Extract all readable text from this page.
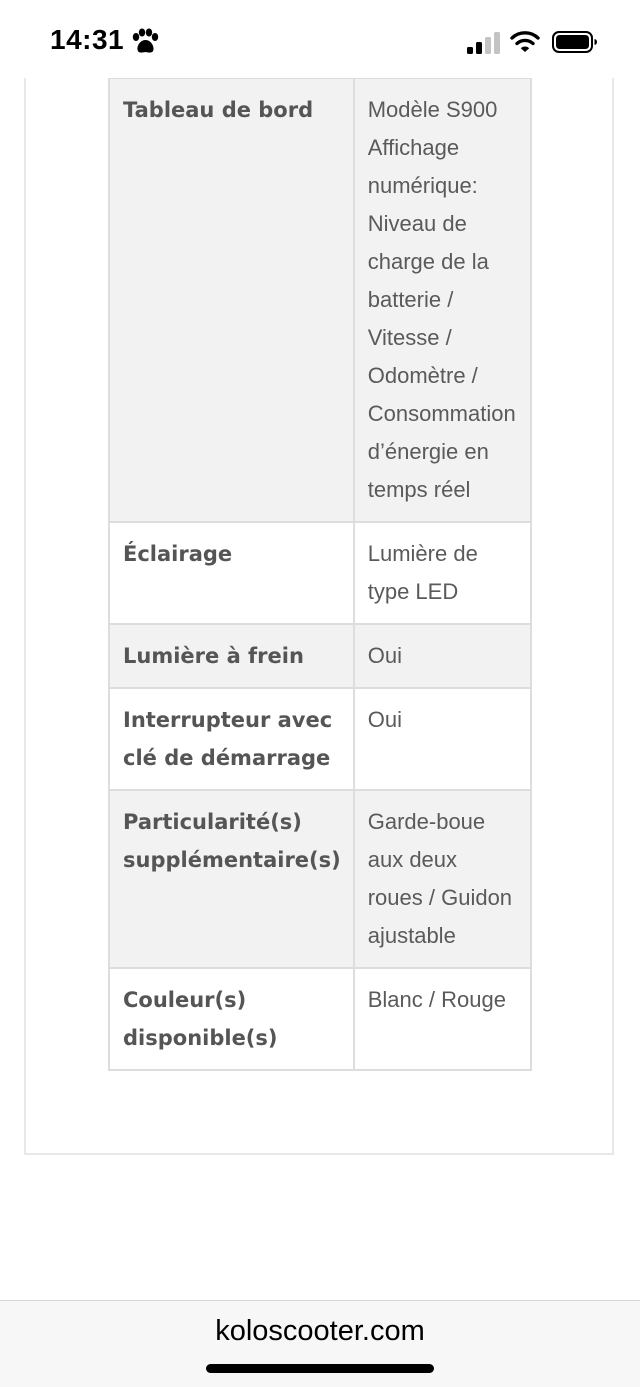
14:31
Tableau de bord	Modèle S900 Affichage numérique: Niveau de charge de la batterie / Vitesse / Odomètre / Consommation d’énergie en temps réel
Éclairage	Lumière de type LED
Lumière à frein	Oui
Interrupteur avec clé de démarrage	Oui
Particularité(s) supplémentaire(s)	Garde-boue aux deux roues / Guidon ajustable
Couleur(s) disponible(s)	Blanc / Rouge
koloscooter.com
